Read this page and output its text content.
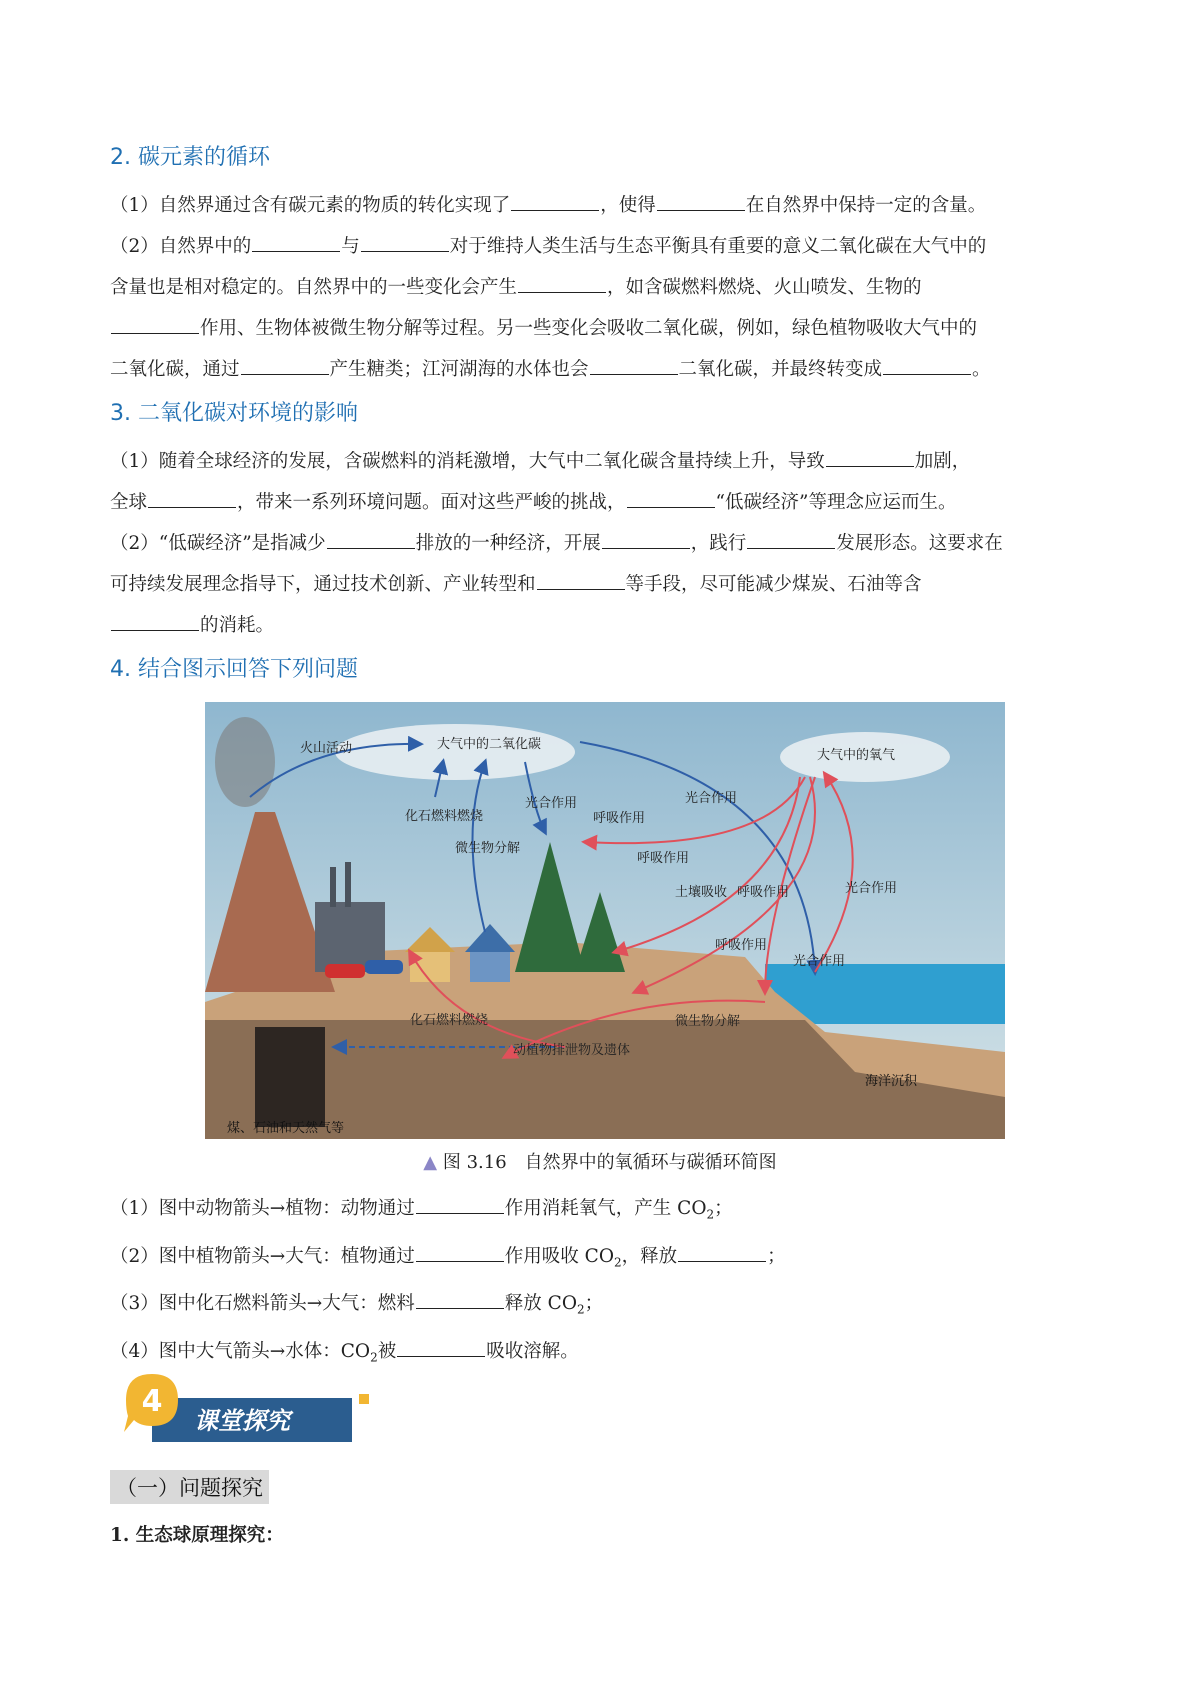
2. 碳元素的循环

（1）自然界通过含有碳元素的物质的转化实现了	，使得	在自然界中保持一定的含量。

（2）自然界中的	与	对于维持人类生活与生态平衡具有重要的意义二氧化碳在大气中的
含量也是相对稳定的。自然界中的一些变化会产生	，如含碳燃料燃烧、火山喷发、生物的
作用、生物体被微生物分解等过程。另一些变化会吸收二氧化碳，例如，绿色植物吸收大气中的
二氧化碳，通过	产生糖类；江河湖海的水体也会	二氧化碳，并最终转变成	。

3. 二氧化碳对环境的影响

（1）随着全球经济的发展，含碳燃料的消耗激增，大气中二氧化碳含量持续上升，导致	加剧，
全球	，带来一系列环境问题。面对这些严峻的挑战，	“低碳经济”等理念应运而生。

（2）“低碳经济”是指减少	排放的一种经济，开展	，践行	发展形态。这要求在
可持续发展理念指导下，通过技术创新、产业转型和	等手段，尽可能减少煤炭、石油等含
的消耗。

4. 结合图示回答下列问题
火山活动	大气中的二氧化碳
大气中的氧气
化石燃料燃烧
微生物分解
光合作用
呼吸作用
光合作用
呼吸作用
土壤吸收 呼吸作用	光合作用
呼吸作用
光合作用
化石燃料燃烧	微生物分解
动植物排泄物及遗体
煤、石油和天然气等
海洋沉积
▲ 图 3.16　自然界中的氧循环与碳循环简图

（1）图中动物箭头→植物：动物通过	作用消耗氧气，产生 $CO_2$；

（2）图中植物箭头→大气：植物通过	作用吸收 $CO_2$，释放	；

（3）图中化石燃料箭头→大气：燃料	释放 $CO_2$；

（4）图中大气箭头→水体：$CO_2$被	吸收溶解。

4
课堂探究
（一）问题探究
1. 生态球原理探究：
